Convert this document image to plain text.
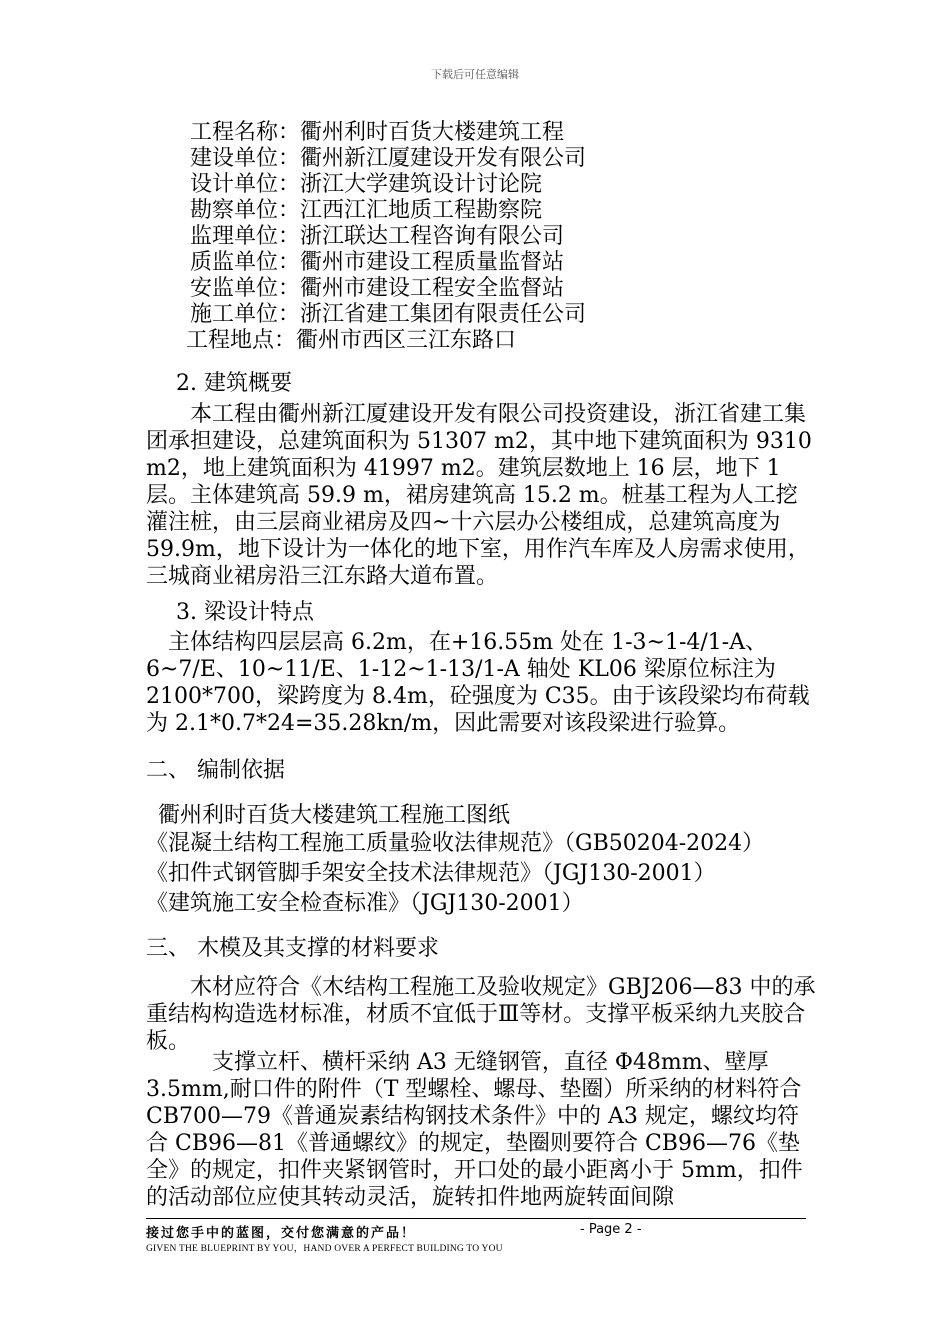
下载后可任意编辑
工程名称：衢州利时百货大楼建筑工程
建设单位：衢州新江厦建设开发有限公司
设计单位：浙江大学建筑设计讨论院
勘察单位：江西江汇地质工程勘察院
监理单位：浙江联达工程咨询有限公司
质监单位：衢州市建设工程质量监督站
安监单位：衢州市建设工程安全监督站
施工单位：浙江省建工集团有限责任公司
工程地点：衢州市西区三江东路口
2. 建筑概要

　　本工程由衢州新江厦建设开发有限公司投资建设，浙江省建工集团承担建设，总建筑面积为 51307 m2，其中地下建筑面积为 9310 m2，地上建筑面积为 41997 m2。建筑层数地上 16 层，地下 1 层。主体建筑高 59.9 m，裙房建筑高 15.2 m。桩基工程为人工挖灌注桩，由三层商业裙房及四~十六层办公楼组成，总建筑高度为 59.9m，地下设计为一体化的地下室，用作汽车库及人房需求使用，三城商业裙房沿三江东路大道布置。

3. 梁设计特点

　主体结构四层层高 6.2m，在+16.55m 处在 1-3~1-4/1-A、6~7/E、10~11/E、1-12~1-13/1-A 轴处 KL06 梁原位标注为 2100*700，梁跨度为 8.4m，砼强度为 C35。由于该段梁均布荷载为 2.1*0.7*24=35.28kn/m，因此需要对该段梁进行验算。

二、 编制依据
衢州利时百货大楼建筑工程施工图纸
《混凝土结构工程施工质量验收法律规范》（GB50204-2024）
《扣件式钢管脚手架安全技术法律规范》（JGJ130-2001）
《建筑施工安全检查标准》（JGJ130-2001）
三、 木模及其支撑的材料要求

　　木材应符合《木结构工程施工及验收规定》GBJ206—83 中的承重结构构造选材标准，材质不宜低于Ⅲ等材。支撑平板采纳九夹胶合板。

　　　支撑立杆、横杆采纳 A3 无缝钢管，直径 Φ48mm、壁厚 3.5mm,耐口件的附件（T 型螺栓、螺母、垫圈）所采纳的材料符合 CB700—79《普通炭素结构钢技术条件》中的 A3 规定，螺纹均符合 CB96—81《普通螺纹》的规定，垫圈则要符合 CB96—76《垫全》的规定，扣件夹紧钢管时，开口处的最小距离小于 5mm，扣件的活动部位应使其转动灵活，旋转扣件地两旋转面间隙

接过您手中的蓝图，交付您满意的产品！	- Page 2 -
GIVEN THE BLUEPRINT BY YOU，HAND OVER A PERFECT BUILDING TO YOU
